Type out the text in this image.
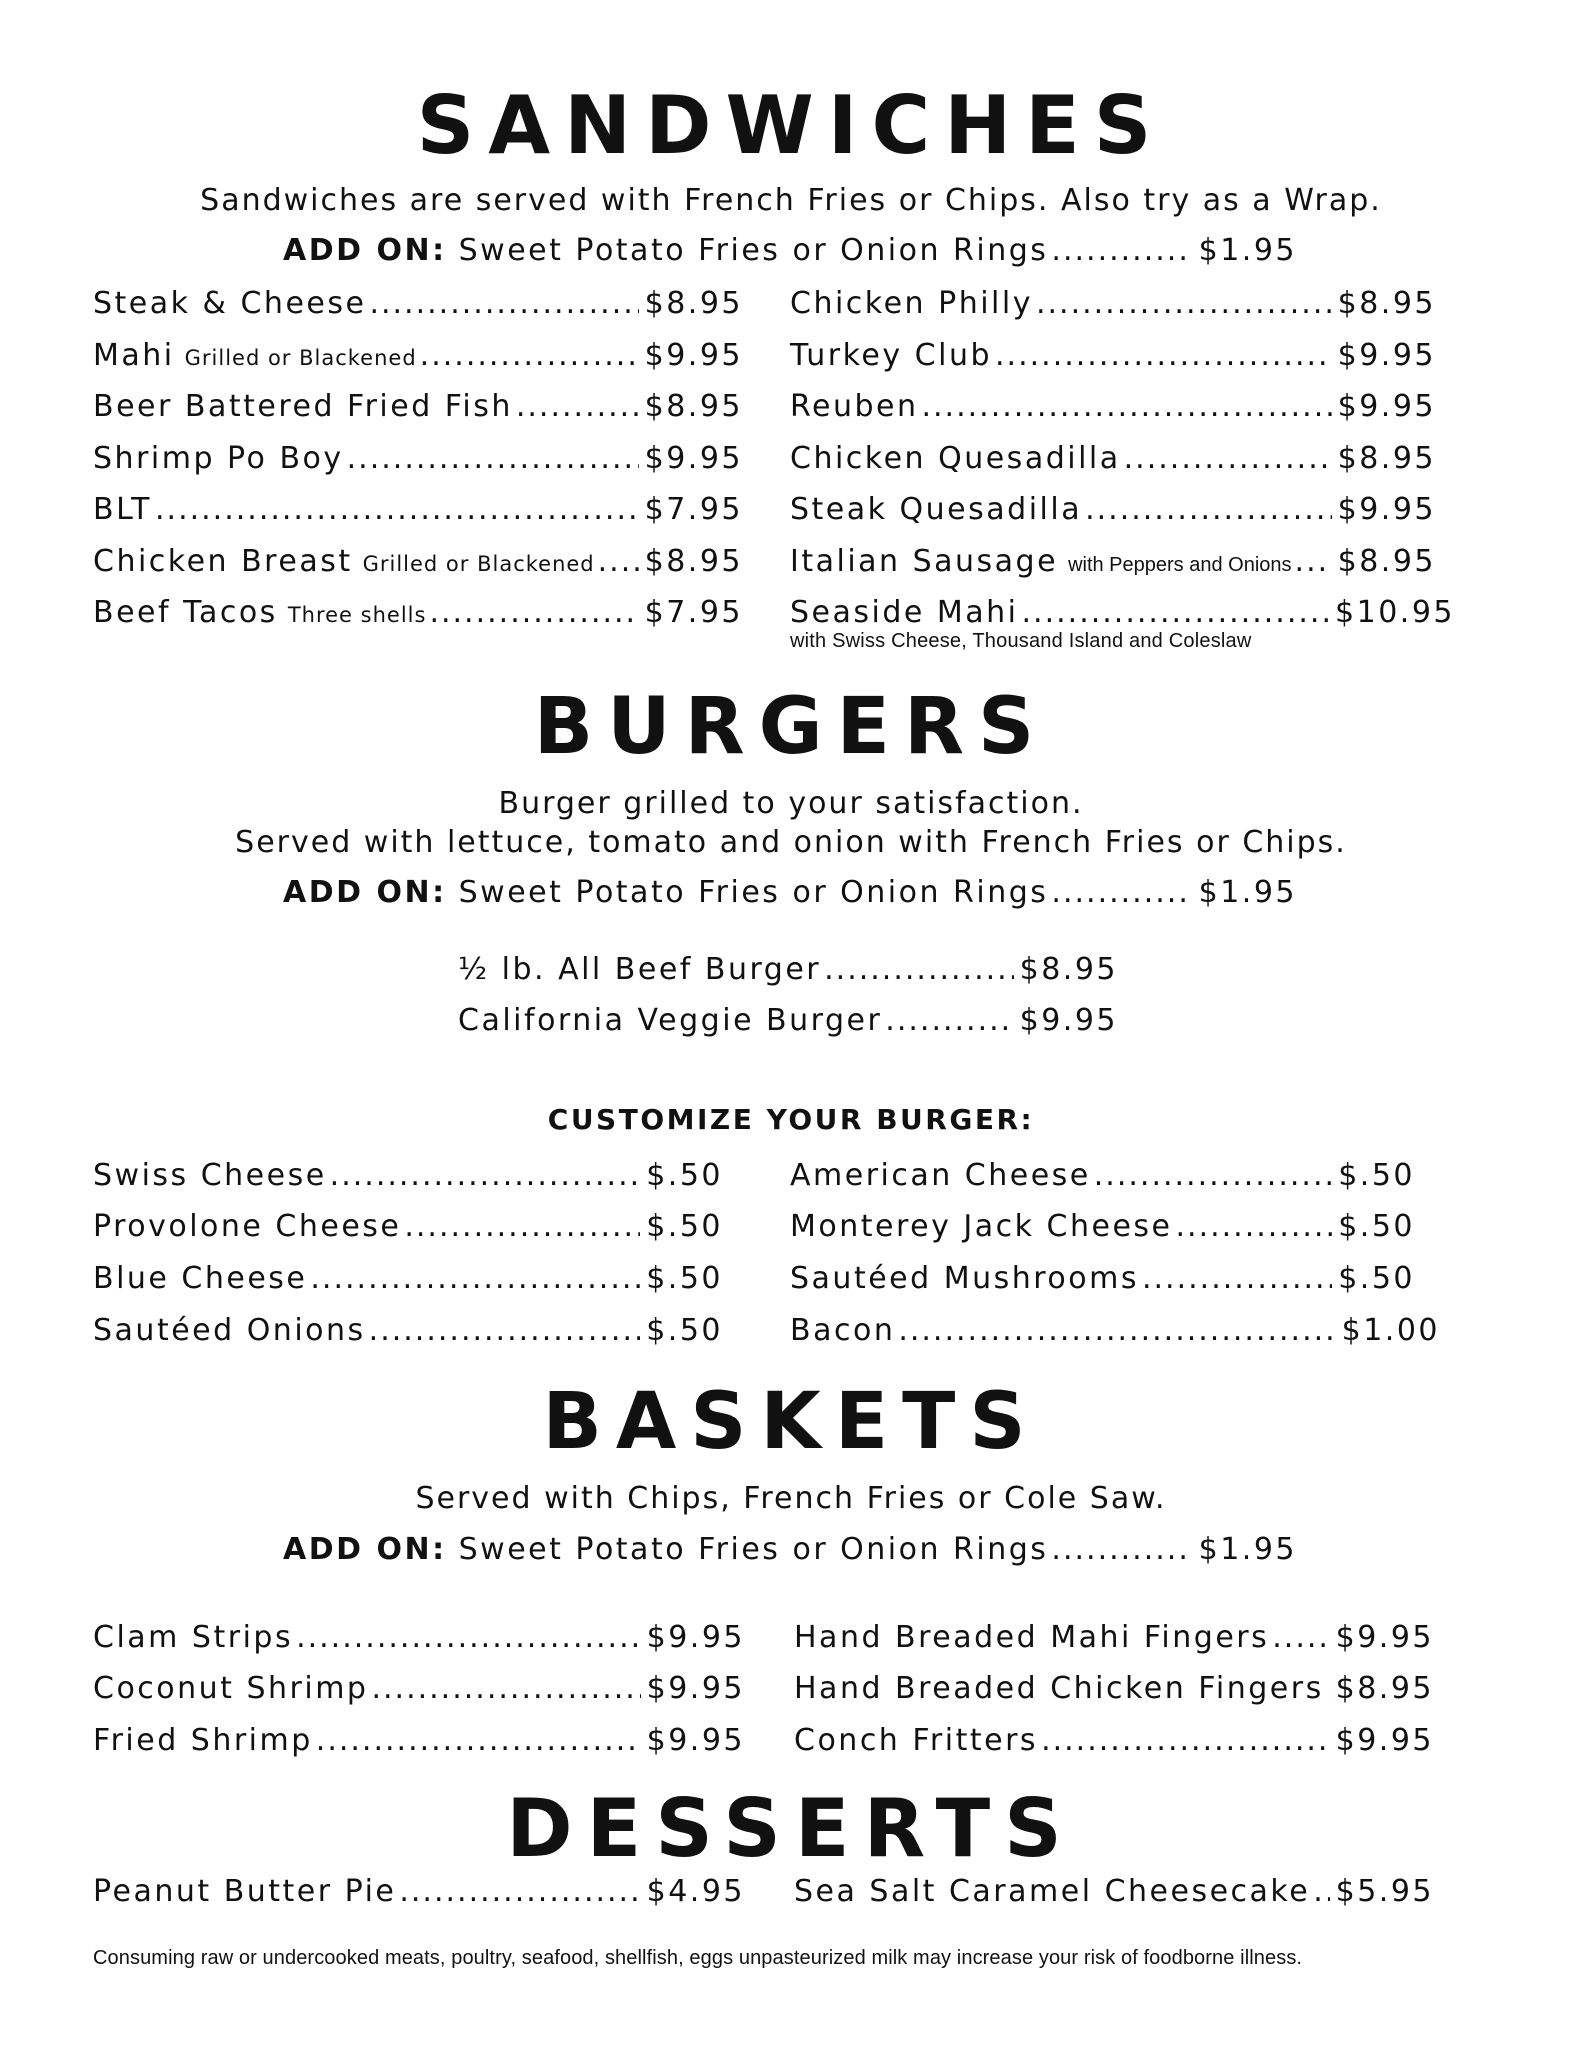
SANDWICHES
Sandwiches are served with French Fries or Chips. Also try as a Wrap.
ADD ON: Sweet Potato Fries or Onion Rings .....	$1.95
Steak & Cheese .....	$8.95
Mahi Grilled or Blackened .....	$9.95
Beer Battered Fried Fish .....	$8.95
Shrimp Po Boy .....	$9.95
BLT .....	$7.95
Chicken Breast Grilled or Blackened ..... $8.95
Beef Tacos Three shells .....	$7.95
Chicken Philly .....	$8.95
Turkey Club .....	$9.95
Reuben .....	$9.95
Chicken Quesadilla .....	$8.95
Steak Quesadilla .....	$9.95
Italian Sausage with Peppers and Onions ..... $8.95
Seaside Mahi .....	$10.95
with Swiss Cheese, Thousand Island and Coleslaw
BURGERS
Burger grilled to your satisfaction.
Served with lettuce, tomato and onion with French Fries or Chips.
ADD ON: Sweet Potato Fries or Onion Rings .....	$1.95
½ lb. All Beef Burger .....	$8.95
California Veggie Burger .....	$9.95
CUSTOMIZE YOUR BURGER:
Swiss Cheese .....	$.50
Provolone Cheese .....	$.50
Blue Cheese .....	$.50
Sautéed Onions .....	$.50
American Cheese .....	$.50
Monterey Jack Cheese .....	$.50
Sautéed Mushrooms .....	$.50
Bacon .....	$1.00
BASKETS
Served with Chips, French Fries or Cole Saw.
ADD ON: Sweet Potato Fries or Onion Rings .....	$1.95
Clam Strips .....	$9.95
Coconut Shrimp .....	$9.95
Fried Shrimp .....	$9.95
Hand Breaded Mahi Fingers ..... $9.95
Hand Breaded Chicken Fingers ..... $8.95
Conch Fritters .....	$9.95
DESSERTS
Peanut Butter Pie .....	$4.95 Sea Salt Caramel Cheesecake ..... $5.95
Consuming raw or undercooked meats, poultry, seafood, shellfish, eggs unpasteurized milk may increase your risk of foodborne illness.
